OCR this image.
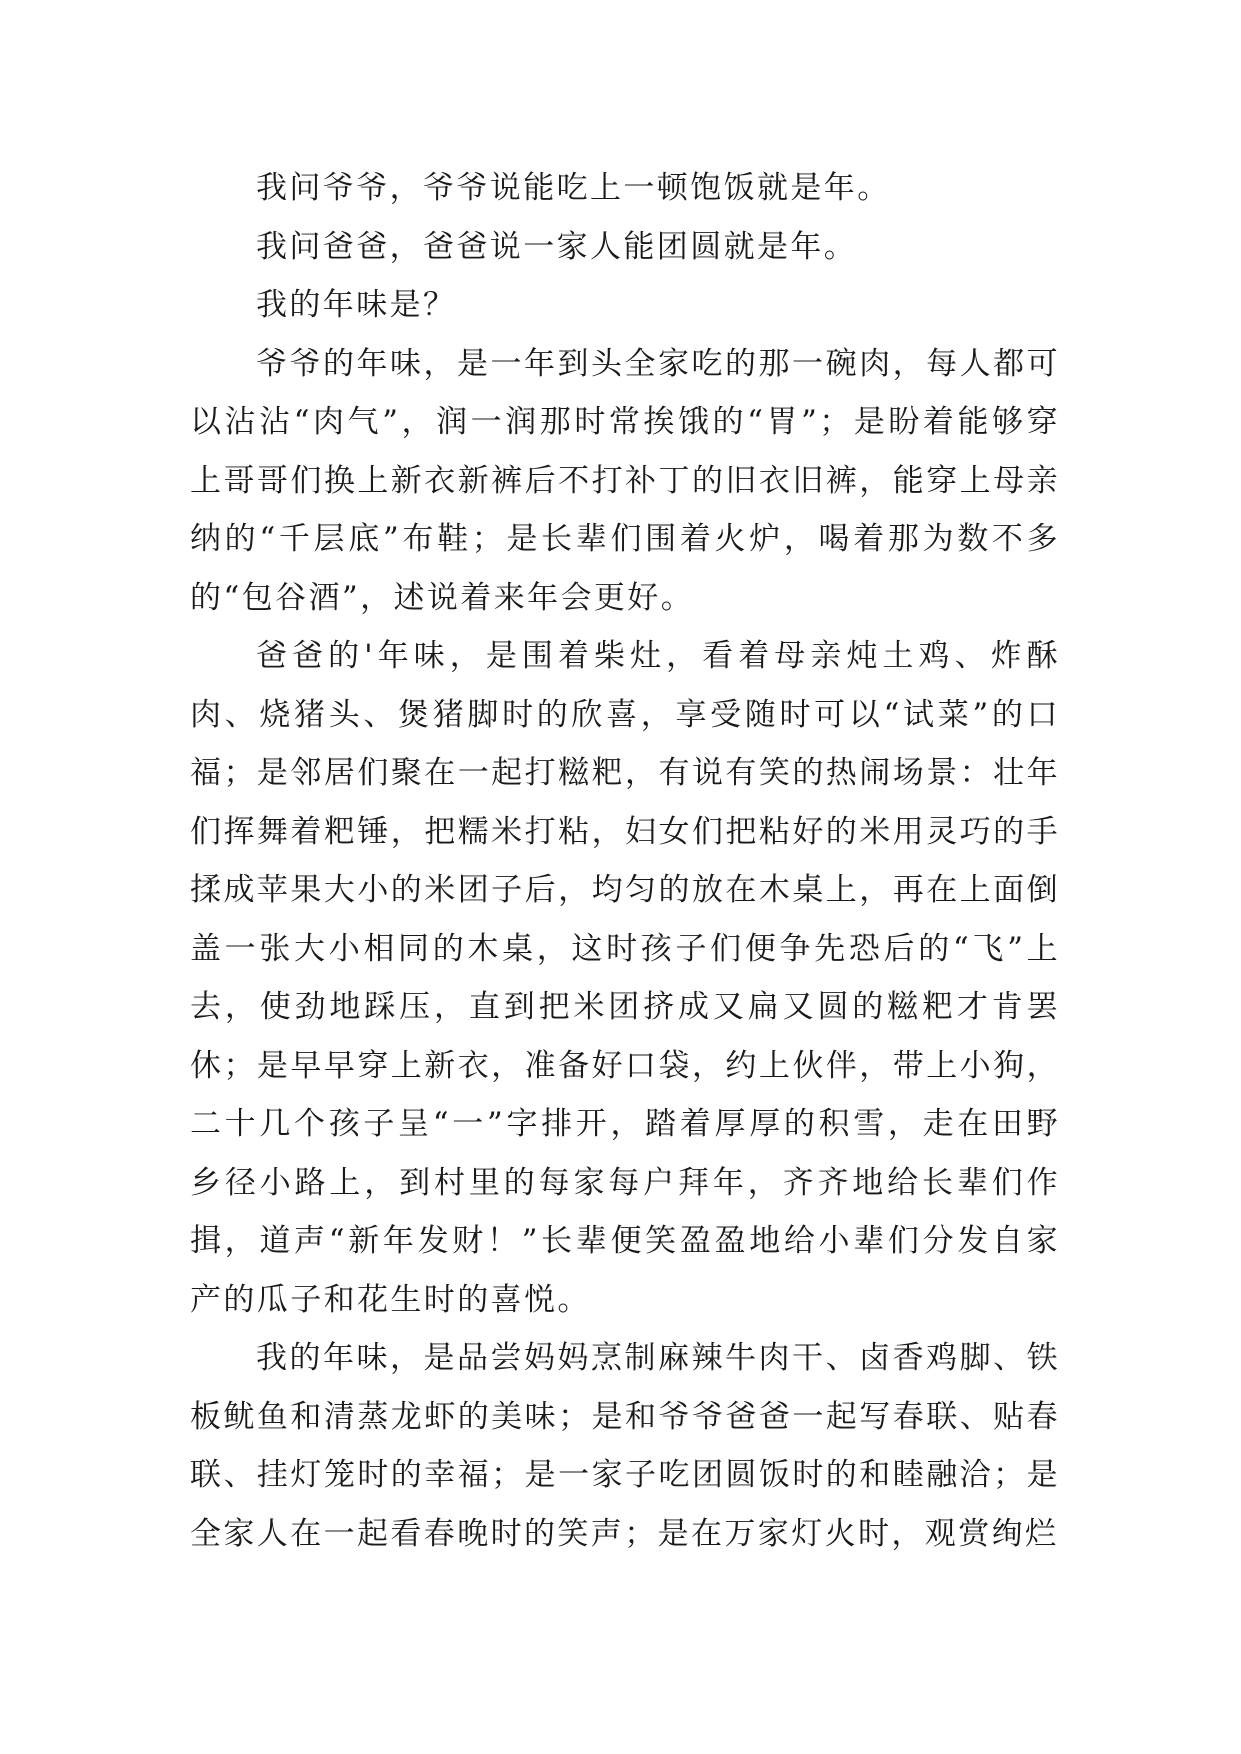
我问爷爷，爷爷说能吃上一顿饱饭就是年。

我问爸爸，爸爸说一家人能团圆就是年。

我的年味是？

爷爷的年味，是一年到头全家吃的那一碗肉，每人都可以沾沾“肉气”，润一润那时常挨饿的“胃”；是盼着能够穿上哥哥们换上新衣新裤后不打补丁的旧衣旧裤，能穿上母亲纳的“千层底”布鞋；是长辈们围着火炉，喝着那为数不多的“包谷酒”，述说着来年会更好。

爸爸的'年味，是围着柴灶，看着母亲炖土鸡、炸酥肉、烧猪头、煲猪脚时的欣喜，享受随时可以“试菜”的口福；是邻居们聚在一起打糍粑，有说有笑的热闹场景：壮年们挥舞着粑锤，把糯米打粘，妇女们把粘好的米用灵巧的手揉成苹果大小的米团子后，均匀的放在木桌上，再在上面倒盖一张大小相同的木桌，这时孩子们便争先恐后的“飞”上去，使劲地踩压，直到把米团挤成又扁又圆的糍粑才肯罢休；是早早穿上新衣，准备好口袋，约上伙伴，带上小狗，二十几个孩子呈“一”字排开，踏着厚厚的积雪，走在田野乡径小路上，到村里的每家每户拜年，齐齐地给长辈们作揖，道声“新年发财！”长辈便笑盈盈地给小辈们分发自家产的瓜子和花生时的喜悦。

我的年味，是品尝妈妈烹制麻辣牛肉干、卤香鸡脚、铁板鱿鱼和清蒸龙虾的美味；是和爷爷爸爸一起写春联、贴春联、挂灯笼时的幸福；是一家子吃团圆饭时的和睦融洽；是全家人在一起看春晚时的笑声；是在万家灯火时，观赏绚烂
